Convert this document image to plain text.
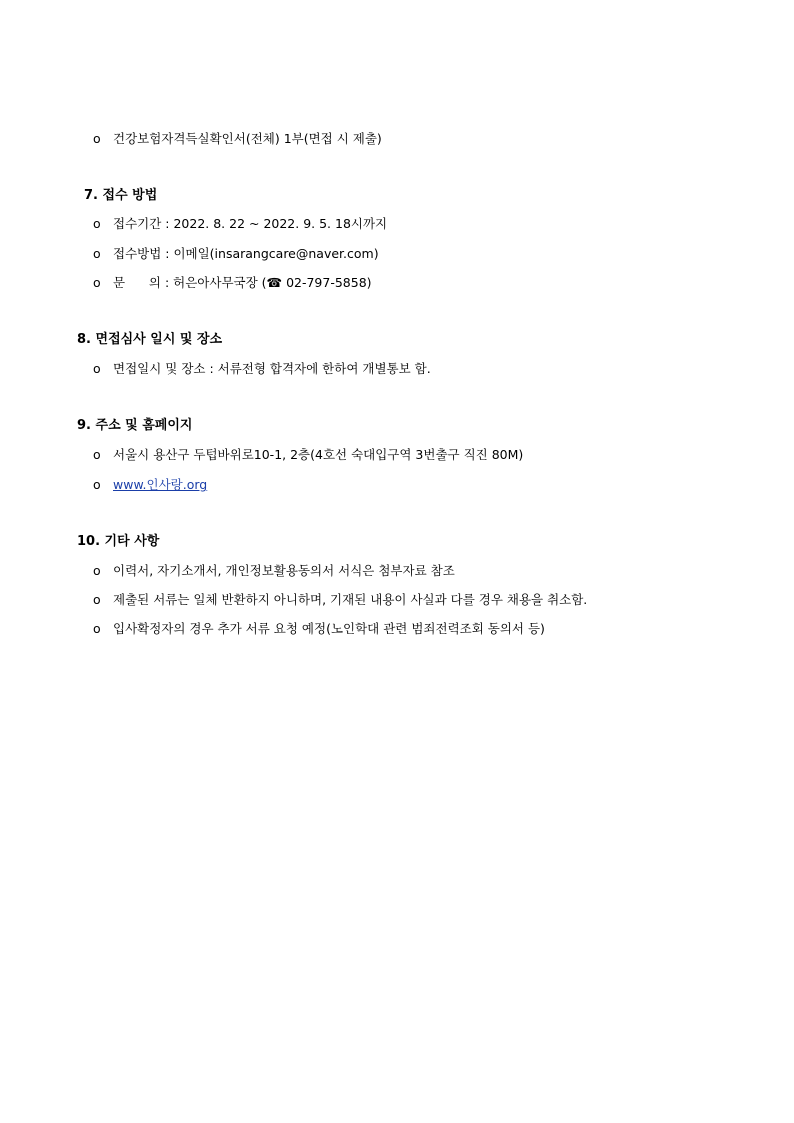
o 건강보험자격득실확인서(전체) 1부(면접 시 제출)
7. 접수 방법
o 접수기간 : 2022. 8. 22 ~ 2022. 9. 5. 18시까지
o 접수방법 : 이메일(insarangcare@naver.com)
o 문      의 : 허은아사무국장 (☎ 02-797-5858)
8. 면접심사 일시 및 장소
o 면접일시 및 장소 : 서류전형 합격자에 한하여 개별통보 함.
9. 주소 및 홈페이지
o 서울시 용산구 두텁바위로10-1, 2층(4호선 숙대입구역 3번출구 직진 80M)
o www.인사랑.org
10. 기타 사항
o 이력서, 자기소개서, 개인정보활용동의서 서식은 첨부자료 참조
o 제출된 서류는 일체 반환하지 아니하며, 기재된 내용이 사실과 다를 경우 채용을 취소함.
o 입사확정자의 경우 추가 서류 요청 예정(노인학대 관련 범죄전력조회 동의서 등)
